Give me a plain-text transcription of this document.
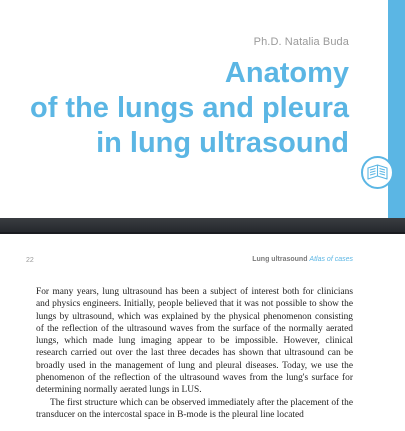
Ph.D. Natalia Buda
Anatomy
of the lungs and pleura
in lung ultrasound
22	Lung ultrasound Atlas of cases

For many years, lung ultrasound has been a subject of interest both for clinicians and physics engineers. Initially, people believed that it was not possible to show the lungs by ultrasound, which was explained by the physical phenomenon consisting of the reflection of the ultrasound waves from the surface of the normally aerated lungs, which made lung imaging appear to be impossible. However, clinical research carried out over the last three decades has shown that ultrasound can be broadly used in the management of lung and pleural diseases. Today, we use the phenomenon of the reflection of the ultrasound waves from the lung's surface for determining normally aerated lungs in LUS.

The first structure which can be observed immediately after the placement of the transducer on the intercostal space in B-mode is the pleural line located
